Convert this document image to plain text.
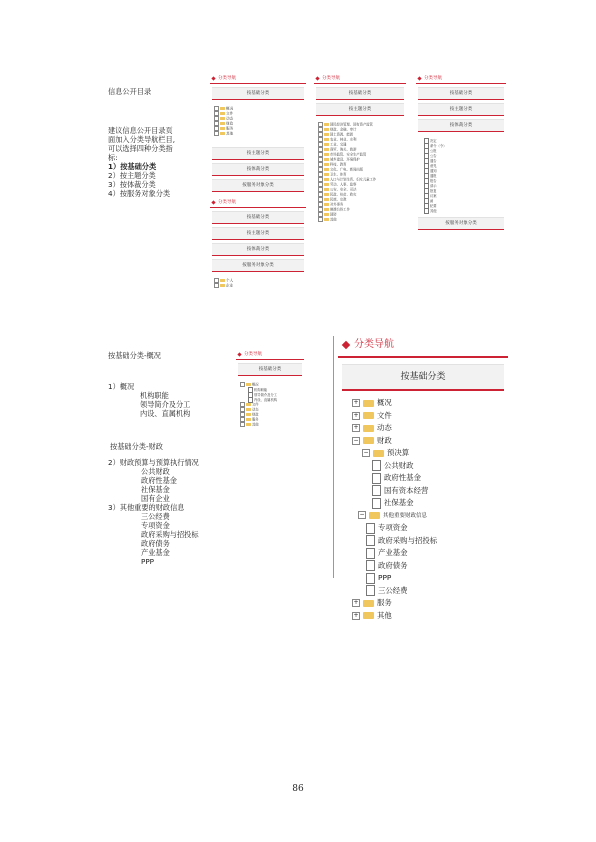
信息公开目录
建议信息公开目录页
面加入分类导航栏目,
可以选择四种分类指
标:
1）按基础分类
2）按主题分类
3）按体裁分类
4）按服务对象分类
分类导航
按基础分类
概况
文件
动态
财政
服务
其他
按主题分类
按体裁分类
按服务对象分类
分类导航
按基础分类
按主题分类
按体裁分类
按服务对象分类
个人
企业
分类导航
按基础分类
按主题分类
国民经济管理、国有资产监管
财政、金融、审计
国土资源、能源
农业、林业、水利
工业、交通
商贸、海关、旅游
市场监管、安全生产监管
城乡建设、环境保护
科技、教育
文化、广电、新闻出版
卫生、体育
人口与计划生育、妇女儿童工作
劳动、人事、监察
公安、安全、司法
民政、扶贫、救灾
民族、宗教
对外事务
港澳台侨工作
国防
其他
分类导航
按基础分类
按主题分类
按体裁分类
决定
命令（令）
公报
公告
通告
意见
通知
通报
报告
请示
批复
议案
函
纪要
其他
按服务对象分类
按基础分类-概况
1）概况
机构职能
领导简介及分工
内设、直属机构
按基础分类-财政
2）财政预算与预算执行情况
公共财政
政府性基金
社保基金
国有企业
3）其他重要的财政信息
三公经费
专项资金
政府采购与招投标
政府债务
产业基金
PPP
分类导航
按基础分类
概况
机构职能
领导简介及分工
内设、直属机构
文件
动态
财政
服务
其他
分类导航
按基础分类
+ 概况
+ 文件
+ 动态
− 财政
− 预决算
公共财政
政府性基金
国有资本经营
社保基金
−	其他重要财政信息
专项资金
政府采购与招投标
产业基金
政府债务
PPP
三公经费
+ 服务
+ 其他
86
